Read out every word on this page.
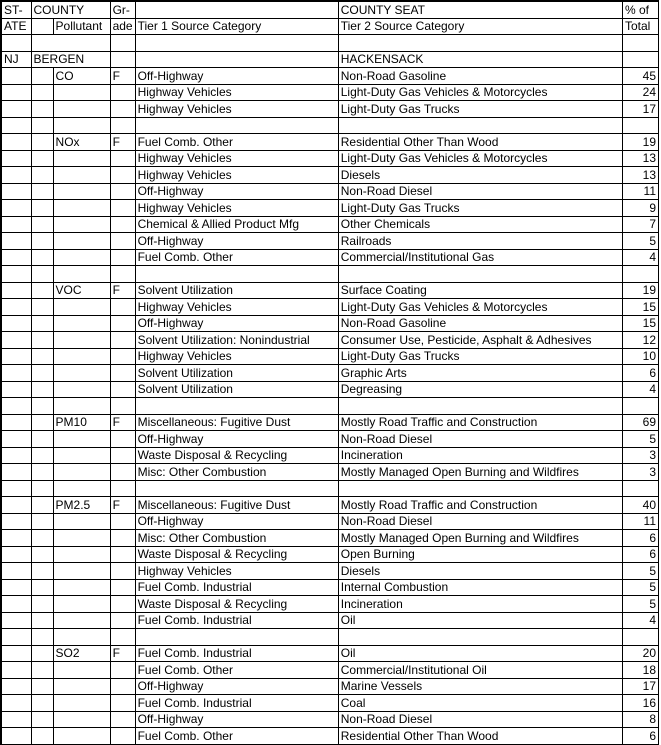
ST-	COUNTY		Gr-		COUNTY SEAT	% of
ATE		Pollutant	ade	Tier 1 Source Category	Tier 2 Source Category	Total

NJ	BERGEN				HACKENSACK	
		CO	F	Off-Highway	Non-Road Gasoline	45
				Highway Vehicles	Light-Duty Gas Vehicles & Motorcycles	24
				Highway Vehicles	Light-Duty Gas Trucks	17

		NOx	F	Fuel Comb. Other	Residential Other Than Wood	19
				Highway Vehicles	Light-Duty Gas Vehicles & Motorcycles	13
				Highway Vehicles	Diesels	13
				Off-Highway	Non-Road Diesel	11
				Highway Vehicles	Light-Duty Gas Trucks	9
				Chemical & Allied Product Mfg	Other Chemicals	7
				Off-Highway	Railroads	5
				Fuel Comb. Other	Commercial/Institutional Gas	4

		VOC	F	Solvent Utilization	Surface Coating	19
				Highway Vehicles	Light-Duty Gas Vehicles & Motorcycles	15
				Off-Highway	Non-Road Gasoline	15
				Solvent Utilization: Nonindustrial	Consumer Use, Pesticide, Asphalt & Adhesives	12
				Highway Vehicles	Light-Duty Gas Trucks	10
				Solvent Utilization	Graphic Arts	6
				Solvent Utilization	Degreasing	4

		PM10	F	Miscellaneous: Fugitive Dust	Mostly Road Traffic and Construction	69
				Off-Highway	Non-Road Diesel	5
				Waste Disposal & Recycling	Incineration	3
				Misc: Other Combustion	Mostly Managed Open Burning and Wildfires	3

		PM2.5	F	Miscellaneous: Fugitive Dust	Mostly Road Traffic and Construction	40
				Off-Highway	Non-Road Diesel	11
				Misc: Other Combustion	Mostly Managed Open Burning and Wildfires	6
				Waste Disposal & Recycling	Open Burning	6
				Highway Vehicles	Diesels	5
				Fuel Comb. Industrial	Internal Combustion	5
				Waste Disposal & Recycling	Incineration	5
				Fuel Comb. Industrial	Oil	4

		SO2	F	Fuel Comb. Industrial	Oil	20
				Fuel Comb. Other	Commercial/Institutional Oil	18
				Off-Highway	Marine Vessels	17
				Fuel Comb. Industrial	Coal	16
				Off-Highway	Non-Road Diesel	8
				Fuel Comb. Other	Residential Other Than Wood	6
